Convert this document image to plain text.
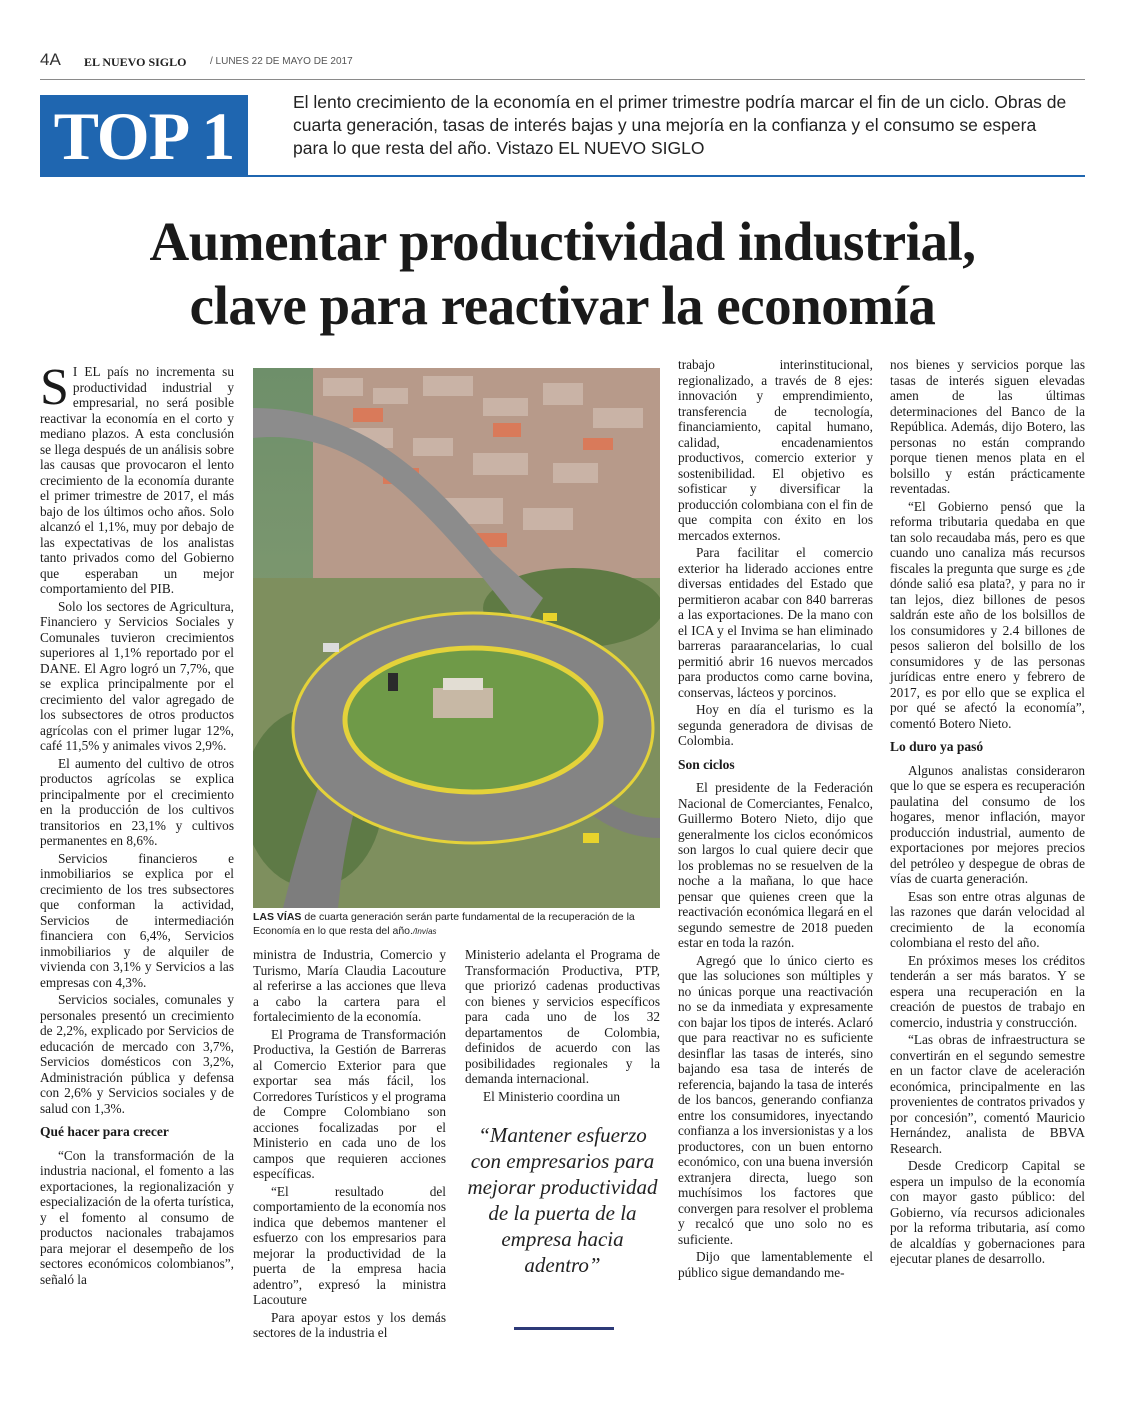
4A EL NUEVO SIGLO / LUNES 22 DE MAYO DE 2017
TOP 1	El lento crecimiento de la economía en el primer trimestre podría marcar el fin de un ciclo. Obras de cuarta generación, tasas de interés bajas y una mejoría en la confianza y el consumo se espera para lo que resta del año. Vistazo EL NUEVO SIGLO
Aumentar productividad industrial,
clave para reactivar la economía

S I EL país no incrementa su productividad industrial y empresarial, no será posible reactivar la economía en el corto y mediano plazos. A esta conclusión se llega después de un análisis sobre las causas que provocaron el lento crecimiento de la economía durante el primer trimestre de 2017, el más bajo de los últimos ocho años. Solo alcanzó el 1,1%, muy por debajo de las expectativas de los analistas tanto privados como del Gobierno que esperaban un mejor comportamiento del PIB.

Solo los sectores de Agricultura, Financiero y Servicios Sociales y Comunales tuvieron crecimientos superiores al 1,1% reportado por el DANE. El Agro logró un 7,7%, que se explica principalmente por el crecimiento del valor agregado de los subsectores de otros productos agrícolas con el primer lugar 12%, café 11,5% y animales vivos 2,9%.

El aumento del cultivo de otros productos agrícolas se explica principalmente por el crecimiento en la producción de los cultivos transitorios en 23,1% y cultivos permanentes en 8,6%.

Servicios financieros e inmobiliarios se explica por el crecimiento de los tres subsectores que conforman la actividad, Servicios de intermediación financiera con 6,4%, Servicios inmobiliarios y de alquiler de vivienda con 3,1% y Servicios a las empresas con 4,3%.

Servicios sociales, comunales y personales presentó un crecimiento de 2,2%, explicado por Servicios de educación de mercado con 3,7%, Servicios domésticos con 3,2%, Administración pública y defensa con 2,6% y Servicios sociales y de salud con 1,3%.

Qué hacer para crecer

“Con la transformación de la industria nacional, el fomento a las exportaciones, la regionalización y especialización de la oferta turística, y el fomento al consumo de productos nacionales trabajamos para mejorar el desempeño de los sectores económicos colombianos”, señaló la

LAS VÍAS de cuarta generación serán parte fundamental de la recuperación de la Economía en lo que resta del año./Invías

ministra de Industria, Comercio y Turismo, María Claudia Lacouture al referirse a las acciones que lleva a cabo la cartera para el fortalecimiento de la economía.

El Programa de Transformación Productiva, la Gestión de Barreras al Comercio Exterior para que exportar sea más fácil, los Corredores Turísticos y el programa de Compre Colombiano son acciones focalizadas por el Ministerio en cada uno de los campos que requieren acciones específicas.

“El resultado del comportamiento de la economía nos indica que debemos mantener el esfuerzo con los empresarios para mejorar la productividad de la puerta de la empresa hacia adentro”, expresó la ministra Lacouture

Para apoyar estos y los demás sectores de la industria el

Ministerio adelanta el Programa de Transformación Productiva, PTP, que priorizó cadenas productivas con bienes y servicios específicos para cada uno de los 32 departamentos de Colombia, definidos de acuerdo con las posibilidades regionales y la demanda internacional.

El Ministerio coordina un

“Mantener esfuerzo con empresarios para mejorar productividad de la puerta de la empresa hacia adentro”

trabajo interinstitucional, regionalizado, a través de 8 ejes: innovación y emprendimiento, transferencia de tecnología, financiamiento, capital humano, calidad, encadenamientos productivos, comercio exterior y sostenibilidad. El objetivo es sofisticar y diversificar la producción colombiana con el fin de que compita con éxito en los mercados externos.

Para facilitar el comercio exterior ha liderado acciones entre diversas entidades del Estado que permitieron acabar con 840 barreras a las exportaciones. De la mano con el ICA y el Invima se han eliminado barreras paraarancelarias, lo cual permitió abrir 16 nuevos mercados para productos como carne bovina, conservas, lácteos y porcinos.

Hoy en día el turismo es la segunda generadora de divisas de Colombia.

Son ciclos

El presidente de la Federación Nacional de Comerciantes, Fenalco, Guillermo Botero Nieto, dijo que generalmente los ciclos económicos son largos lo cual quiere decir que los problemas no se resuelven de la noche a la mañana, lo que hace pensar que quienes creen que la reactivación económica llegará en el segundo semestre de 2018 pueden estar en toda la razón.

Agregó que lo único cierto es que las soluciones son múltiples y no únicas porque una reactivación no se da inmediata y expresamente con bajar los tipos de interés. Aclaró que para reactivar no es suficiente desinflar las tasas de interés, sino bajando esa tasa de interés de referencia, bajando la tasa de interés de los bancos, generando confianza entre los consumidores, inyectando confianza a los inversionistas y a los productores, con un buen entorno económico, con una buena inversión extranjera directa, luego son muchísimos los factores que convergen para resolver el problema y recalcó que uno solo no es suficiente.

Dijo que lamentablemente el público sigue demandando me-

nos bienes y servicios porque las tasas de interés siguen elevadas amen de las últimas determinaciones del Banco de la República. Además, dijo Botero, las personas no están comprando porque tienen menos plata en el bolsillo y están prácticamente reventadas.

“El Gobierno pensó que la reforma tributaria quedaba en que tan solo recaudaba más, pero es que cuando uno canaliza más recursos fiscales la pregunta que surge es ¿de dónde salió esa plata?, y para no ir tan lejos, diez billones de pesos saldrán este año de los bolsillos de los consumidores y 2.4 billones de pesos salieron del bolsillo de los consumidores y de las personas jurídicas entre enero y febrero de 2017, es por ello que se explica el por qué se afectó la economía”, comentó Botero Nieto.

Lo duro ya pasó

Algunos analistas consideraron que lo que se espera es recuperación paulatina del consumo de los hogares, menor inflación, mayor producción industrial, aumento de exportaciones por mejores precios del petróleo y despegue de obras de vías de cuarta generación.

Esas son entre otras algunas de las razones que darán velocidad al crecimiento de la economía colombiana el resto del año.

En próximos meses los créditos tenderán a ser más baratos. Y se espera una recuperación en la creación de puestos de trabajo en comercio, industria y construcción.

“Las obras de infraestructura se convertirán en el segundo semestre en un factor clave de aceleración económica, principalmente en las provenientes de contratos privados y por concesión”, comentó Mauricio Hernández, analista de BBVA Research.

Desde Credicorp Capital se espera un impulso de la economía con mayor gasto público: del Gobierno, vía recursos adicionales por la reforma tributaria, así como de alcaldías y gobernaciones para ejecutar planes de desarrollo.
